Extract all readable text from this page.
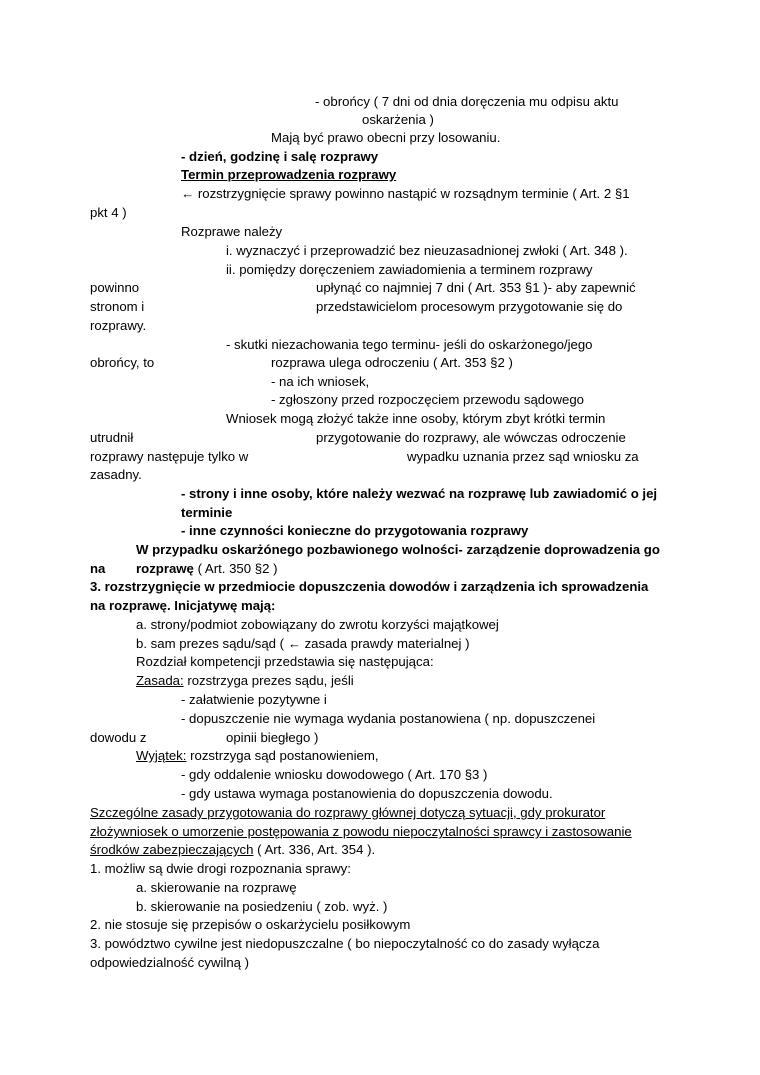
- obrońcy ( 7 dni od dnia doręczenia mu odpisu aktu
oskarżenia )
Mają być prawo obecni przy losowaniu.
- dzień, godzinę i salę rozprawy
Termin przeprowadzenia rozprawy
← rozstrzygnięcie sprawy powinno nastąpić w rozsądnym terminie ( Art. 2 §1
pkt 4 )
Rozprawe należy
i. wyznaczyć i przeprowadzić bez nieuzasadnionej zwłoki ( Art. 348 ).
ii. pomiędzy doręczeniem zawiadomienia a terminem rozprawy
powinno	upłynąć co najmniej 7 dni ( Art. 353 §1 )- aby zapewnić
stronom i	przedstawicielom procesowym przygotowanie się do
rozprawy.
- skutki niezachowania tego terminu- jeśli do oskarżonego/jego
obrońcy, to	rozprawa ulega odroczeniu ( Art. 353 §2 )
- na ich wniosek,
- zgłoszony przed rozpoczęciem przewodu sądowego
Wniosek mogą złożyć także inne osoby, którym zbyt krótki termin
utrudnił	przygotowanie do rozprawy, ale wówczas odroczenie
rozprawy następuje tylko w	wypadku uznania przez sąd wniosku za
zasadny.
- strony i inne osoby, które należy wezwać na rozprawę lub zawiadomić o jej
terminie
- inne czynności konieczne do przygotowania rozprawy
W przypadku oskarżónego pozbawionego wolności- zarządzenie doprowadzenia go
na rozprawę ( Art. 350 §2 )
3. rozstrzygnięcie w przedmiocie dopuszczenia dowodów i zarządzenia ich sprowadzenia
na rozprawę. Inicjatywę mają:
a. strony/podmiot zobowiązany do zwrotu korzyści majątkowej
b. sam prezes sądu/sąd ( ← zasada prawdy materialnej )
Rozdział kompetencji przedstawia się następująca:
Zasada: rozstrzyga prezes sądu, jeśli
- załatwienie pozytywne i
- dopuszczenie nie wymaga wydania postanowiena ( np. dopuszczenei
dowodu z	opinii biegłego )
Wyjątek: rozstrzyga sąd postanowieniem,
- gdy oddalenie wniosku dowodowego ( Art. 170 §3 )
- gdy ustawa wymaga postanowienia do dopuszczenia dowodu.
Szczególne zasady przygotowania do rozprawy głównej dotyczą sytuacji, gdy prokurator
złożywniosek o umorzenie postępowania z powodu niepoczytalności sprawcy i zastosowanie
środków zabezpieczających ( Art. 336, Art. 354 ).
1. możliw są dwie drogi rozpoznania sprawy:
a. skierowanie na rozprawę
b. skierowanie na posiedzeniu ( zob. wyż. )
2. nie stosuje się przepisów o oskarżycielu posiłkowym
3. powództwo cywilne jest niedopuszczalne ( bo niepoczytalność co do zasady wyłącza
odpowiedzialność cywilną )
